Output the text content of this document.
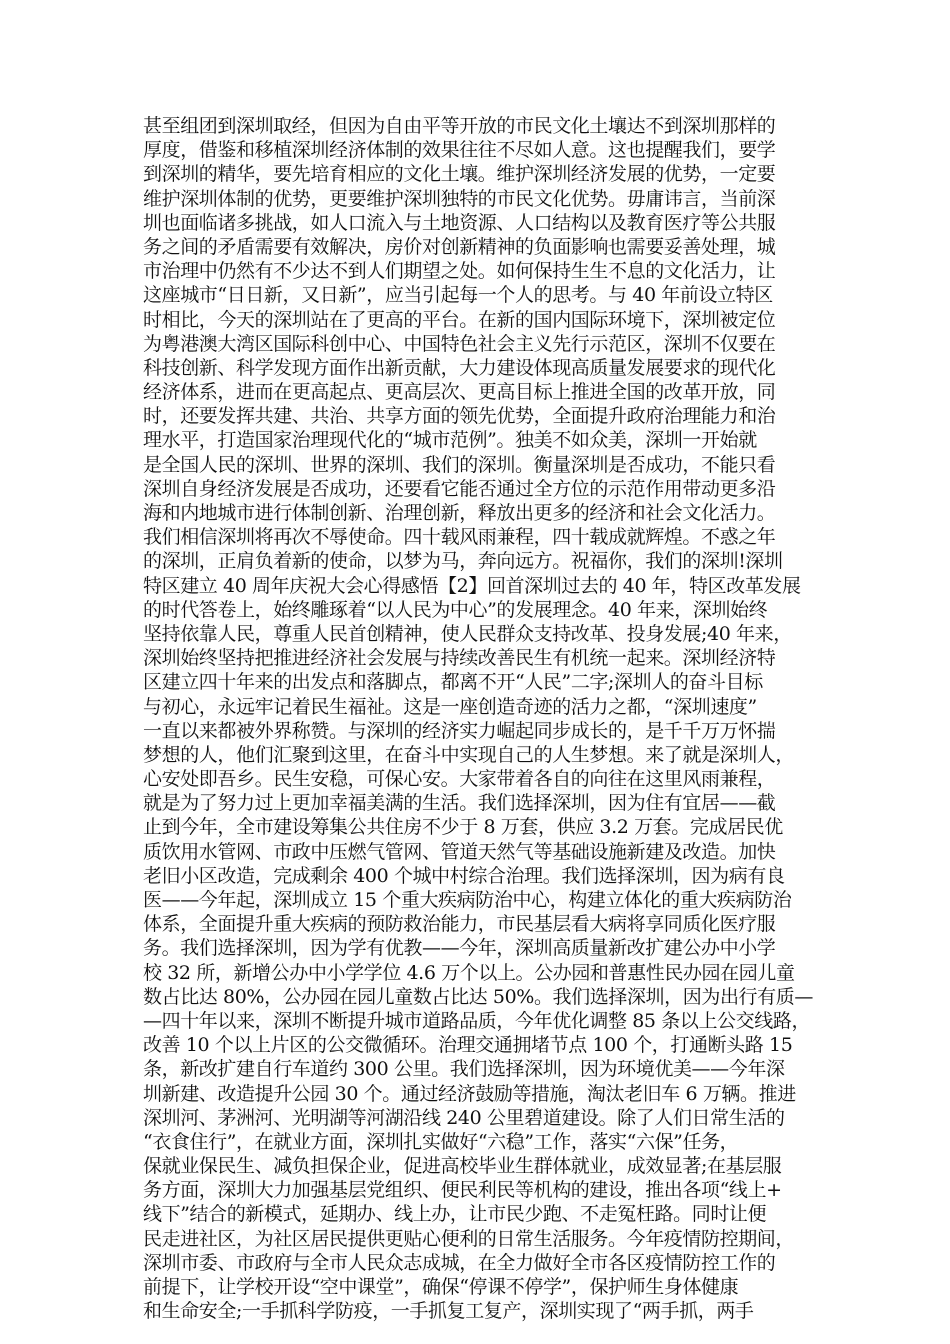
甚至组团到深圳取经，但因为自由平等开放的市民文化土壤达不到深圳那样的
厚度，借鉴和移植深圳经济体制的效果往往不尽如人意。这也提醒我们，要学
到深圳的精华，要先培育相应的文化土壤。维护深圳经济发展的优势，一定要
维护深圳体制的优势，更要维护深圳独特的市民文化优势。毋庸讳言，当前深
圳也面临诸多挑战，如人口流入与土地资源、人口结构以及教育医疗等公共服
务之间的矛盾需要有效解决，房价对创新精神的负面影响也需要妥善处理，城
市治理中仍然有不少达不到人们期望之处。如何保持生生不息的文化活力，让
这座城市“日日新，又日新”，应当引起每一个人的思考。与 40 年前设立特区
时相比，今天的深圳站在了更高的平台。在新的国内国际环境下，深圳被定位
为粤港澳大湾区国际科创中心、中国特色社会主义先行示范区，深圳不仅要在
科技创新、科学发现方面作出新贡献，大力建设体现高质量发展要求的现代化
经济体系，进而在更高起点、更高层次、更高目标上推进全国的改革开放，同
时，还要发挥共建、共治、共享方面的领先优势，全面提升政府治理能力和治
理水平，打造国家治理现代化的“城市范例”。独美不如众美，深圳一开始就
是全国人民的深圳、世界的深圳、我们的深圳。衡量深圳是否成功，不能只看
深圳自身经济发展是否成功，还要看它能否通过全方位的示范作用带动更多沿
海和内地城市进行体制创新、治理创新，释放出更多的经济和社会文化活力。
我们相信深圳将再次不辱使命。四十载风雨兼程，四十载成就辉煌。不惑之年
的深圳，正肩负着新的使命，以梦为马，奔向远方。祝福你，我们的深圳!深圳
特区建立 40 周年庆祝大会心得感悟【2】回首深圳过去的 40 年，特区改革发展
的时代答卷上，始终雕琢着“以人民为中心”的发展理念。40 年来，深圳始终
坚持依靠人民，尊重人民首创精神，使人民群众支持改革、投身发展;40 年来，
深圳始终坚持把推进经济社会发展与持续改善民生有机统一起来。深圳经济特
区建立四十年来的出发点和落脚点，都离不开“人民”二字;深圳人的奋斗目标
与初心，永远牢记着民生福祉。这是一座创造奇迹的活力之都，“深圳速度”
一直以来都被外界称赞。与深圳的经济实力崛起同步成长的，是千千万万怀揣
梦想的人，他们汇聚到这里，在奋斗中实现自己的人生梦想。来了就是深圳人，
心安处即吾乡。民生安稳，可保心安。大家带着各自的向往在这里风雨兼程，
就是为了努力过上更加幸福美满的生活。我们选择深圳，因为住有宜居——截
止到今年，全市建设筹集公共住房不少于 8 万套，供应 3.2 万套。完成居民优
质饮用水管网、市政中压燃气管网、管道天然气等基础设施新建及改造。加快
老旧小区改造，完成剩余 400 个城中村综合治理。我们选择深圳，因为病有良
医——今年起，深圳成立 15 个重大疾病防治中心，构建立体化的重大疾病防治
体系，全面提升重大疾病的预防救治能力，市民基层看大病将享同质化医疗服
务。我们选择深圳，因为学有优教——今年，深圳高质量新改扩建公办中小学
校 32 所，新增公办中小学学位 4.6 万个以上。公办园和普惠性民办园在园儿童
数占比达 80%，公办园在园儿童数占比达 50%。我们选择深圳，因为出行有质—
—四十年以来，深圳不断提升城市道路品质，今年优化调整 85 条以上公交线路，
改善 10 个以上片区的公交微循环。治理交通拥堵节点 100 个，打通断头路 15
条，新改扩建自行车道约 300 公里。我们选择深圳，因为环境优美——今年深
圳新建、改造提升公园 30 个。通过经济鼓励等措施，淘汰老旧车 6 万辆。推进
深圳河、茅洲河、光明湖等河湖沿线 240 公里碧道建设。除了人们日常生活的
“衣食住行”，在就业方面，深圳扎实做好“六稳”工作，落实“六保”任务，
保就业保民生、减负担保企业，促进高校毕业生群体就业，成效显著;在基层服
务方面，深圳大力加强基层党组织、便民利民等机构的建设，推出各项“线上+
线下”结合的新模式，延期办、线上办，让市民少跑、不走冤枉路。同时让便
民走进社区，为社区居民提供更贴心便利的日常生活服务。今年疫情防控期间，
深圳市委、市政府与全市人民众志成城，在全力做好全市各区疫情防控工作的
前提下，让学校开设“空中课堂”，确保“停课不停学”，保护师生身体健康
和生命安全;一手抓科学防疫，一手抓复工复产，深圳实现了“两手抓，两手
